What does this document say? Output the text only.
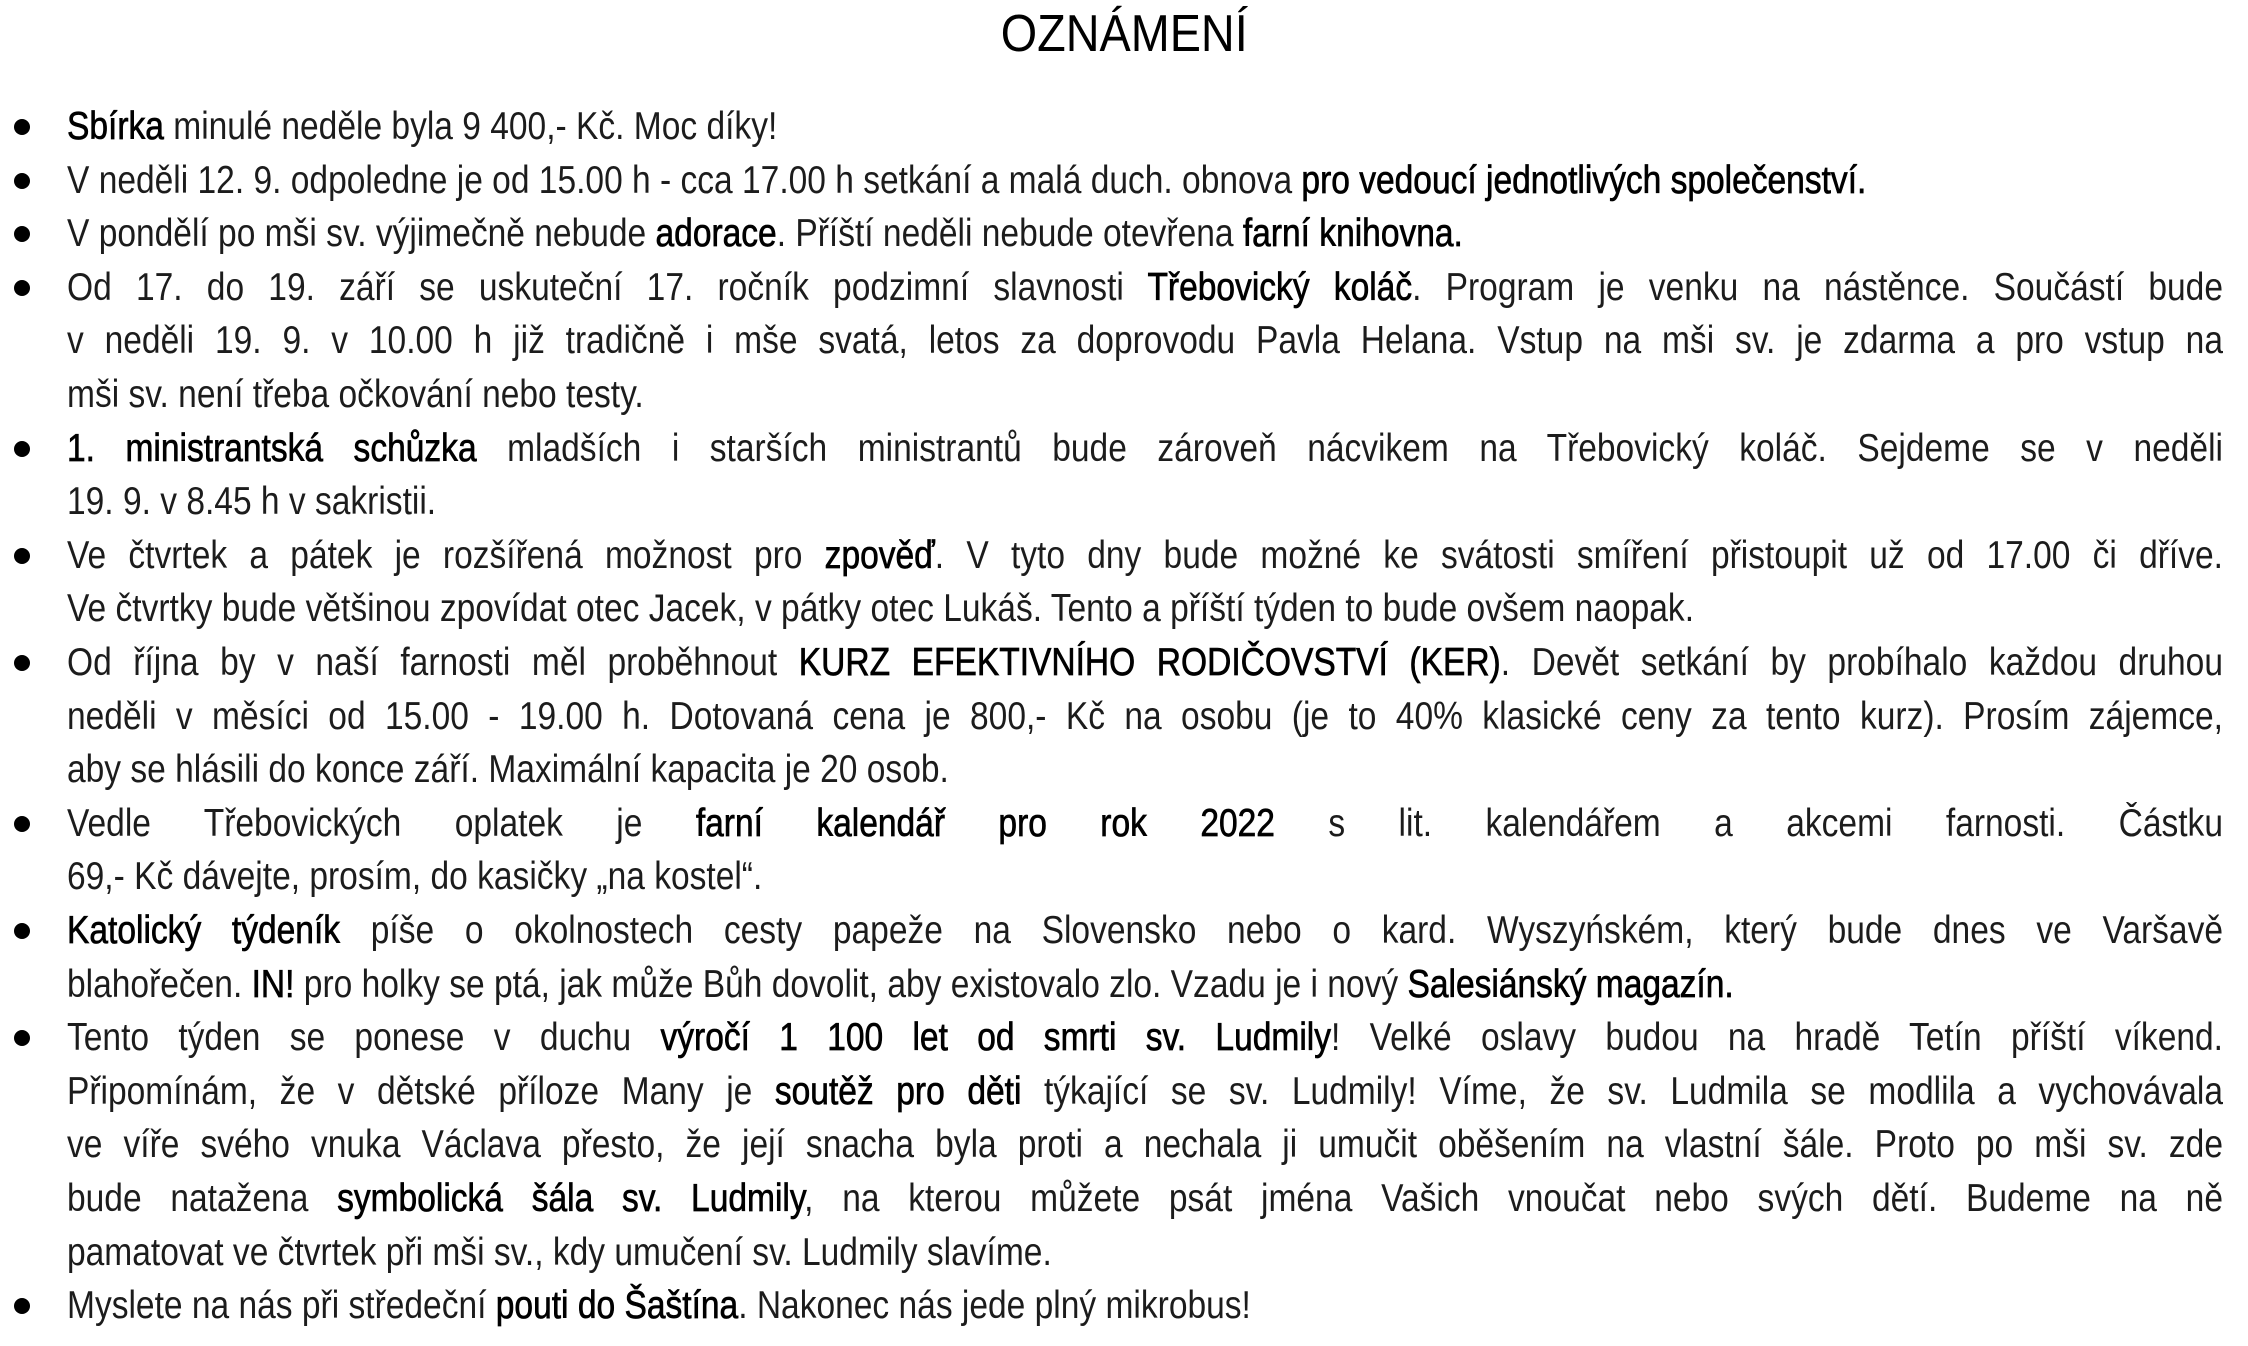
OZNÁMENÍ
Sbírka minulé neděle byla 9 400,- Kč. Moc díky!
V neděli 12. 9. odpoledne je od 15.00 h - cca 17.00 h setkání a malá duch. obnova pro vedoucí jednotlivých společenství.
V pondělí po mši sv. výjimečně nebude adorace. Příští neděli nebude otevřena farní knihovna.
Od 17. do 19. září se uskuteční 17. ročník podzimní slavnosti Třebovický koláč. Program je venku na nástěnce. Součástí bude
v neděli 19. 9. v 10.00 h již tradičně i mše svatá, letos za doprovodu Pavla Helana. Vstup na mši sv. je zdarma a pro vstup na
mši sv. není třeba očkování nebo testy.
1. ministrantská schůzka mladších i starších ministrantů bude zároveň nácvikem na Třebovický koláč. Sejdeme se v neděli
19. 9. v 8.45 h v sakristii.
Ve čtvrtek a pátek je rozšířená možnost pro zpověď. V tyto dny bude možné ke svátosti smíření přistoupit už od 17.00 či dříve.
Ve čtvrtky bude většinou zpovídat otec Jacek, v pátky otec Lukáš. Tento a příští týden to bude ovšem naopak.
Od října by v naší farnosti měl proběhnout KURZ EFEKTIVNÍHO RODIČOVSTVÍ (KER). Devět setkání by probíhalo každou druhou
neděli v měsíci od 15.00 - 19.00 h. Dotovaná cena je 800,- Kč na osobu (je to 40% klasické ceny za tento kurz). Prosím zájemce,
aby se hlásili do konce září. Maximální kapacita je 20 osob.
Vedle Třebovických oplatek je farní kalendář pro rok 2022 s lit. kalendářem a akcemi farnosti. Částku
69,- Kč dávejte, prosím, do kasičky „na kostel“.
Katolický týdeník píše o okolnostech cesty papeže na Slovensko nebo o kard. Wyszyńském, který bude dnes ve Varšavě
blahořečen. IN! pro holky se ptá, jak může Bůh dovolit, aby existovalo zlo. Vzadu je i nový Salesiánský magazín.
Tento týden se ponese v duchu výročí 1 100 let od smrti sv. Ludmily! Velké oslavy budou na hradě Tetín příští víkend.
Připomínám, že v dětské příloze Many je soutěž pro děti týkající se sv. Ludmily! Víme, že sv. Ludmila se modlila a vychovávala
ve víře svého vnuka Václava přesto, že její snacha byla proti a nechala ji umučit oběšením na vlastní šále. Proto po mši sv. zde
bude natažena symbolická šála sv. Ludmily, na kterou můžete psát jména Vašich vnoučat nebo svých dětí. Budeme na ně
pamatovat ve čtvrtek při mši sv., kdy umučení sv. Ludmily slavíme.
Myslete na nás při středeční pouti do Šaštína. Nakonec nás jede plný mikrobus!
